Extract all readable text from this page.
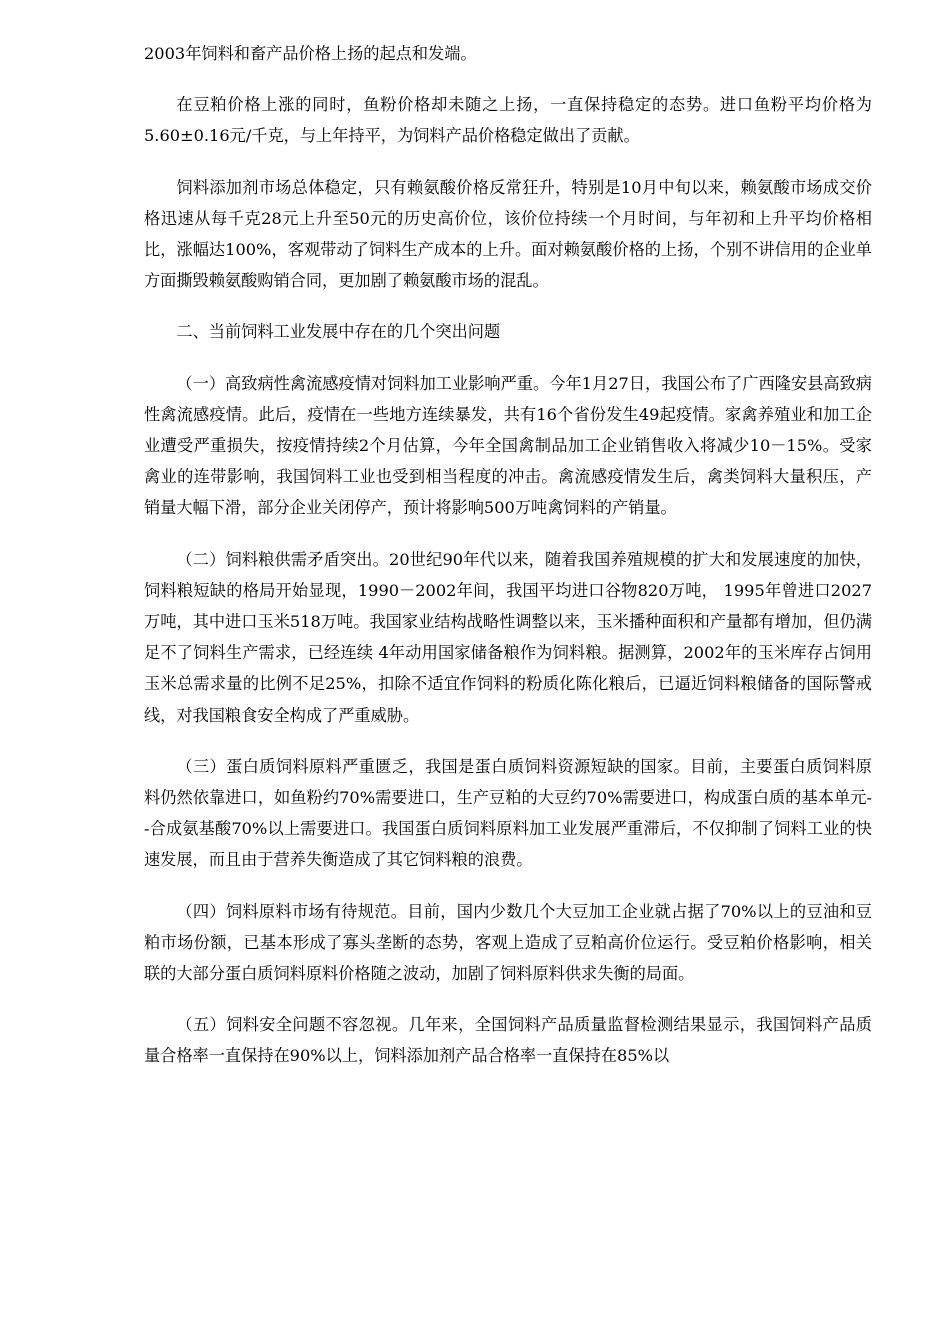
2003年饲料和畜产品价格上扬的起点和发端。

在豆粕价格上涨的同时，鱼粉价格却未随之上扬，一直保持稳定的态势。进口鱼粉平均价格为5.60±0.16元/千克，与上年持平，为饲料产品价格稳定做出了贡献。

饲料添加剂市场总体稳定，只有赖氨酸价格反常狂升，特别是10月中旬以来，赖氨酸市场成交价格迅速从每千克28元上升至50元的历史高价位，该价位持续一个月时间，与年初和上升平均价格相比，涨幅达100%，客观带动了饲料生产成本的上升。面对赖氨酸价格的上扬，个别不讲信用的企业单方面撕毁赖氨酸购销合同，更加剧了赖氨酸市场的混乱。

二、当前饲料工业发展中存在的几个突出问题

（一）高致病性禽流感疫情对饲料加工业影响严重。今年1月27日，我国公布了广西隆安县高致病性禽流感疫情。此后，疫情在一些地方连续暴发，共有16个省份发生49起疫情。家禽养殖业和加工企业遭受严重损失，按疫情持续2个月估算，今年全国禽制品加工企业销售收入将减少10－15%。受家禽业的连带影响，我国饲料工业也受到相当程度的冲击。禽流感疫情发生后，禽类饲料大量积压，产销量大幅下滑，部分企业关闭停产，预计将影响500万吨禽饲料的产销量。

（二）饲料粮供需矛盾突出。20世纪90年代以来，随着我国养殖规模的扩大和发展速度的加快，饲料粮短缺的格局开始显现，1990－2002年间，我国平均进口谷物820万吨， 1995年曾进口2027万吨，其中进口玉米518万吨。我国家业结构战略性调整以来，玉米播种面积和产量都有增加，但仍满足不了饲料生产需求，已经连续 4年动用国家储备粮作为饲料粮。据测算，2002年的玉米库存占饲用玉米总需求量的比例不足25%，扣除不适宜作饲料的粉质化陈化粮后，已逼近饲料粮储备的国际警戒线，对我国粮食安全构成了严重威胁。

（三）蛋白质饲料原料严重匮乏，我国是蛋白质饲料资源短缺的国家。目前，主要蛋白质饲料原料仍然依靠进口，如鱼粉约70%需要进口，生产豆粕的大豆约70%需要进口，构成蛋白质的基本单元--合成氨基酸70%以上需要进口。我国蛋白质饲料原料加工业发展严重滞后，不仅抑制了饲料工业的快速发展，而且由于营养失衡造成了其它饲料粮的浪费。

（四）饲料原料市场有待规范。目前，国内少数几个大豆加工企业就占据了70%以上的豆油和豆粕市场份额，已基本形成了寡头垄断的态势，客观上造成了豆粕高价位运行。受豆粕价格影响，相关联的大部分蛋白质饲料原料价格随之波动，加剧了饲料原料供求失衡的局面。

（五）饲料安全问题不容忽视。几年来，全国饲料产品质量监督检测结果显示，我国饲料产品质量合格率一直保持在90%以上，饲料添加剂产品合格率一直保持在85%以
